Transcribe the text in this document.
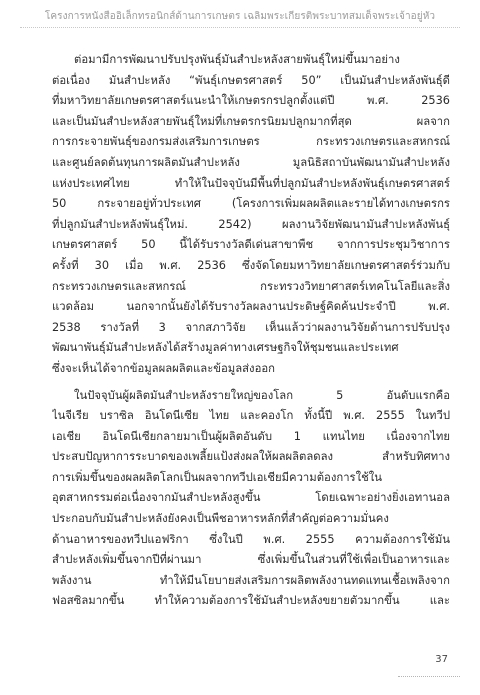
โครงการหนังสืออิเล็กทรอนิกส์ด้านการเกษตร เฉลิมพระเกียรติพระบาทสมเด็จพระเจ้าอยู่หัว
ต่อมามีการพัฒนาปรับปรุงพันธุ์มันสำปะหลังสายพันธุ์ใหม่ขึ้นมาอย่าง
ต่อเนื่อง มันสำปะหลัง “พันธุ์เกษตรศาสตร์ 50” เป็นมันสำปะหลังพันธุ์ดี
ที่มหาวิทยาลัยเกษตรศาสตร์แนะนำให้เกษตรกรปลูกตั้งแต่ปี พ.ศ. 2536
และเป็นมันสำปะหลังสายพันธุ์ใหม่ที่เกษตรกรนิยมปลูกมากที่สุด ผลจาก
การกระจายพันธุ์ของกรมส่งเสริมการเกษตร กระทรวงเกษตรและสหกรณ์
และศูนย์ลดต้นทุนการผลิตมันสำปะหลัง มูลนิธิสถาบันพัฒนามันสำปะหลัง
แห่งประเทศไทย ทำให้ในปัจจุบันมีพื้นที่ปลูกมันสำปะหลังพันธุ์เกษตรศาสตร์
50 กระจายอยู่ทั่วประเทศ (โครงการเพิ่มผลผลิตและรายได้ทางเกษตรกร
ที่ปลูกมันสำปะหลังพันธุ์ใหม่. 2542) ผลงานวิจัยพัฒนามันสำปะหลังพันธุ์
เกษตรศาสตร์ 50 นี้ได้รับรางวัลดีเด่นสาขาพืช จากการประชุมวิชาการ
ครั้งที่ 30 เมื่อ พ.ศ. 2536 ซึ่งจัดโดยมหาวิทยาลัยเกษตรศาสตร์ร่วมกับ
กระทรวงเกษตรและสหกรณ์ กระทรวงวิทยาศาสตร์เทคโนโลยีและสิ่ง
แวดล้อม นอกจากนั้นยังได้รับรางวัลผลงานประดิษฐ์คิดค้นประจำปี พ.ศ.
2538 รางวัลที่ 3 จากสภาวิจัย เห็นแล้วว่าผลงานวิจัยด้านการปรับปรุง
พัฒนาพันธุ์มันสำปะหลังได้สร้างมูลค่าทางเศรษฐกิจให้ชุมชนและประเทศ
ซึ่งจะเห็นได้จากข้อมูลผลผลิตและข้อมูลส่งออก
ในปัจจุบันผู้ผลิตมันสำปะหลังรายใหญ่ของโลก 5 อันดับแรกคือ
ไนจีเรีย บราซิล อินโดนีเซีย ไทย และคองโก ทั้งนี้ปี พ.ศ. 2555 ในทวีป
เอเชีย อินโดนีเซียกลายมาเป็นผู้ผลิตอันดับ 1 แทนไทย เนื่องจากไทย
ประสบปัญหาการระบาดของเพลี้ยแป้งส่งผลให้ผลผลิตลดลง สำหรับทิศทาง
การเพิ่มขึ้นของผลผลิตโลกเป็นผลจากทวีปเอเชียมีความต้องการใช้ใน
อุตสาหกรรมต่อเนื่องจากมันสำปะหลังสูงขึ้น โดยเฉพาะอย่างยิ่งเอทานอล
ประกอบกับมันสำปะหลังยังคงเป็นพืชอาหารหลักที่สำคัญต่อความมั่นคง
ด้านอาหารของทวีปแอฟริกา ซึ่งในปี พ.ศ. 2555 ความต้องการใช้มัน
สำปะหลังเพิ่มขึ้นจากปีที่ผ่านมา ซึ่งเพิ่มขึ้นในส่วนที่ใช้เพื่อเป็นอาหารและ
พลังงาน ทำให้มีนโยบายส่งเสริมการผลิตพลังงานทดแทนเชื้อเพลิงจาก
ฟอสซิลมากขึ้น ทำให้ความต้องการใช้มันสำปะหลังขยายตัวมากขึ้น และ
37
